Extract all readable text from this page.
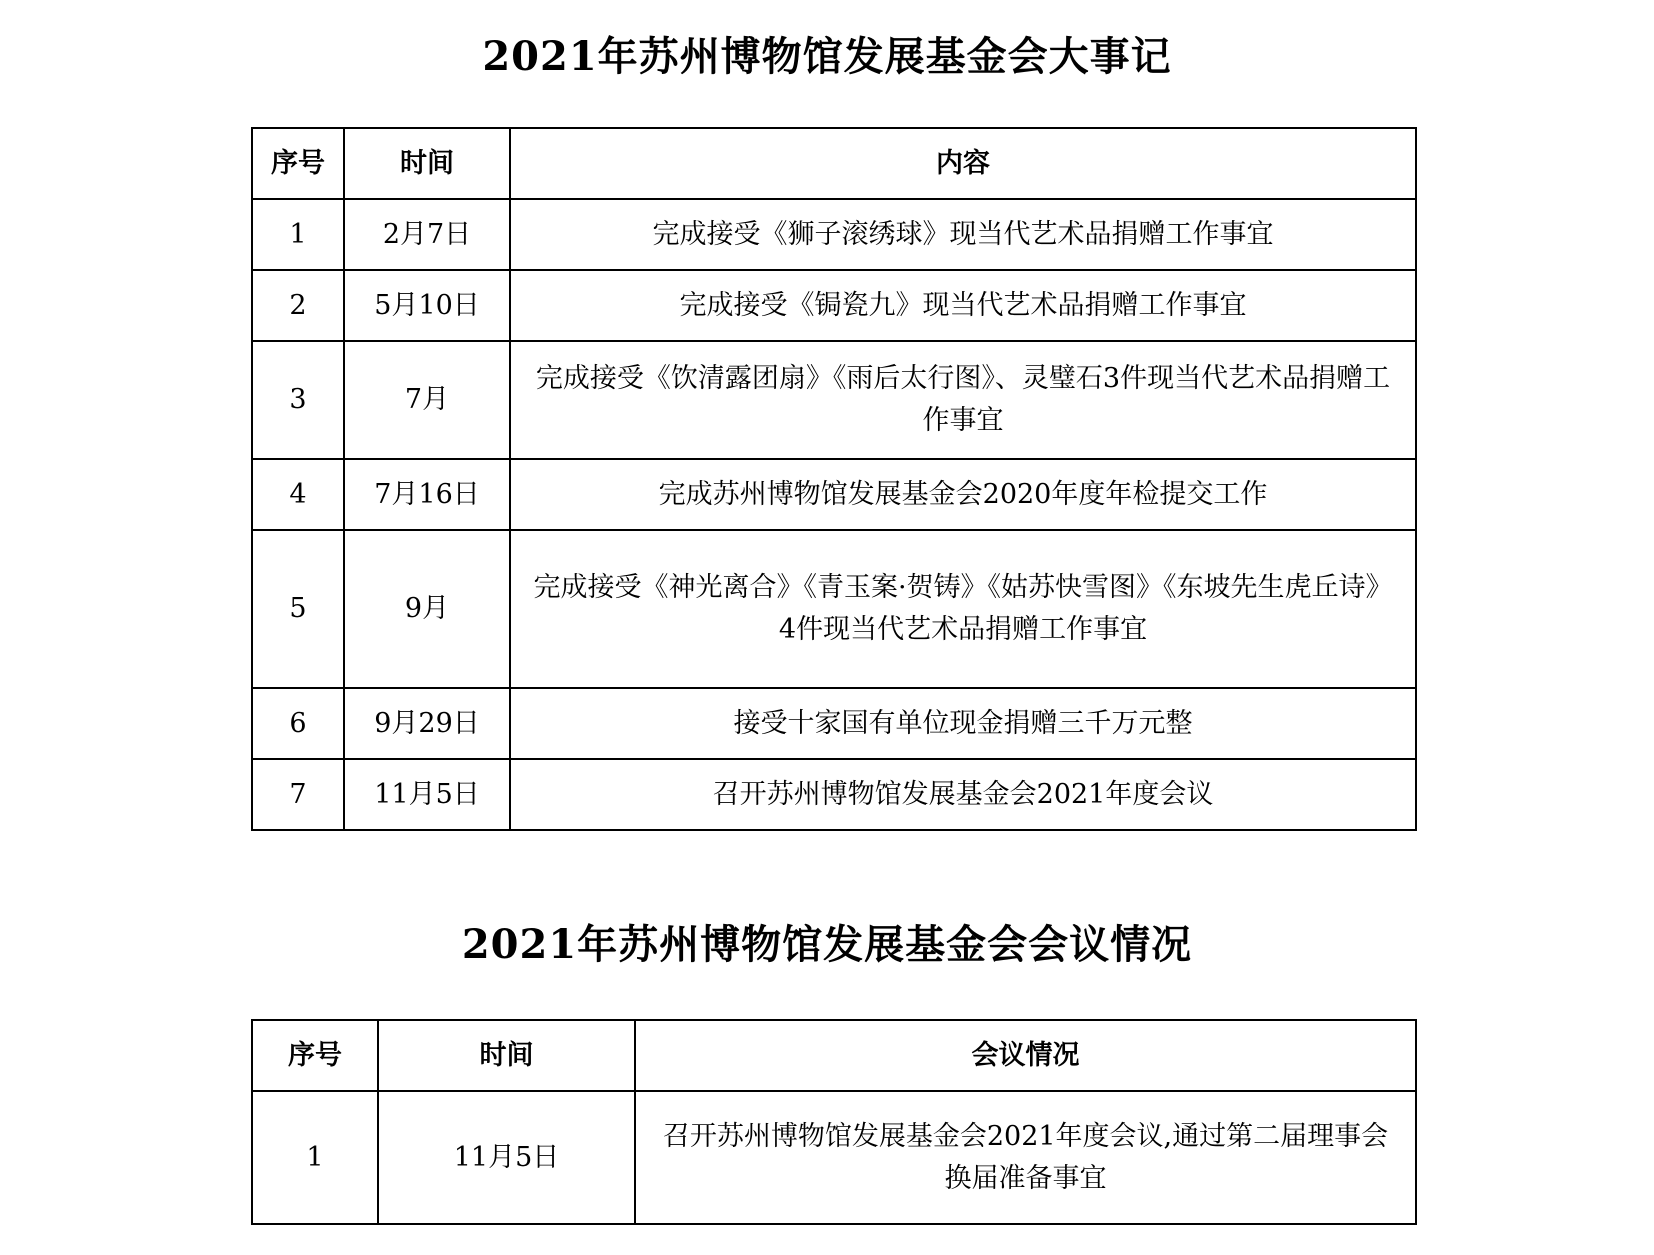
2021年苏州博物馆发展基金会大事记
序号	时间	内容
1	2月7日	完成接受《狮子滚绣球》现当代艺术品捐赠工作事宜
2	5月10日	完成接受《锔瓷九》现当代艺术品捐赠工作事宜
3	7月	完成接受《饮清露团扇》《雨后太行图》、灵璧石3件现当代艺术品捐赠工作事宜
4	7月16日	完成苏州博物馆发展基金会2020年度年检提交工作
5	9月	完成接受《神光离合》《青玉案·贺铸》《姑苏快雪图》《东坡先生虎丘诗》4件现当代艺术品捐赠工作事宜
6	9月29日	接受十家国有单位现金捐赠三千万元整
7	11月5日	召开苏州博物馆发展基金会2021年度会议
2021年苏州博物馆发展基金会会议情况
序号	时间	会议情况
1	11月5日	召开苏州博物馆发展基金会2021年度会议,通过第二届理事会换届准备事宜
